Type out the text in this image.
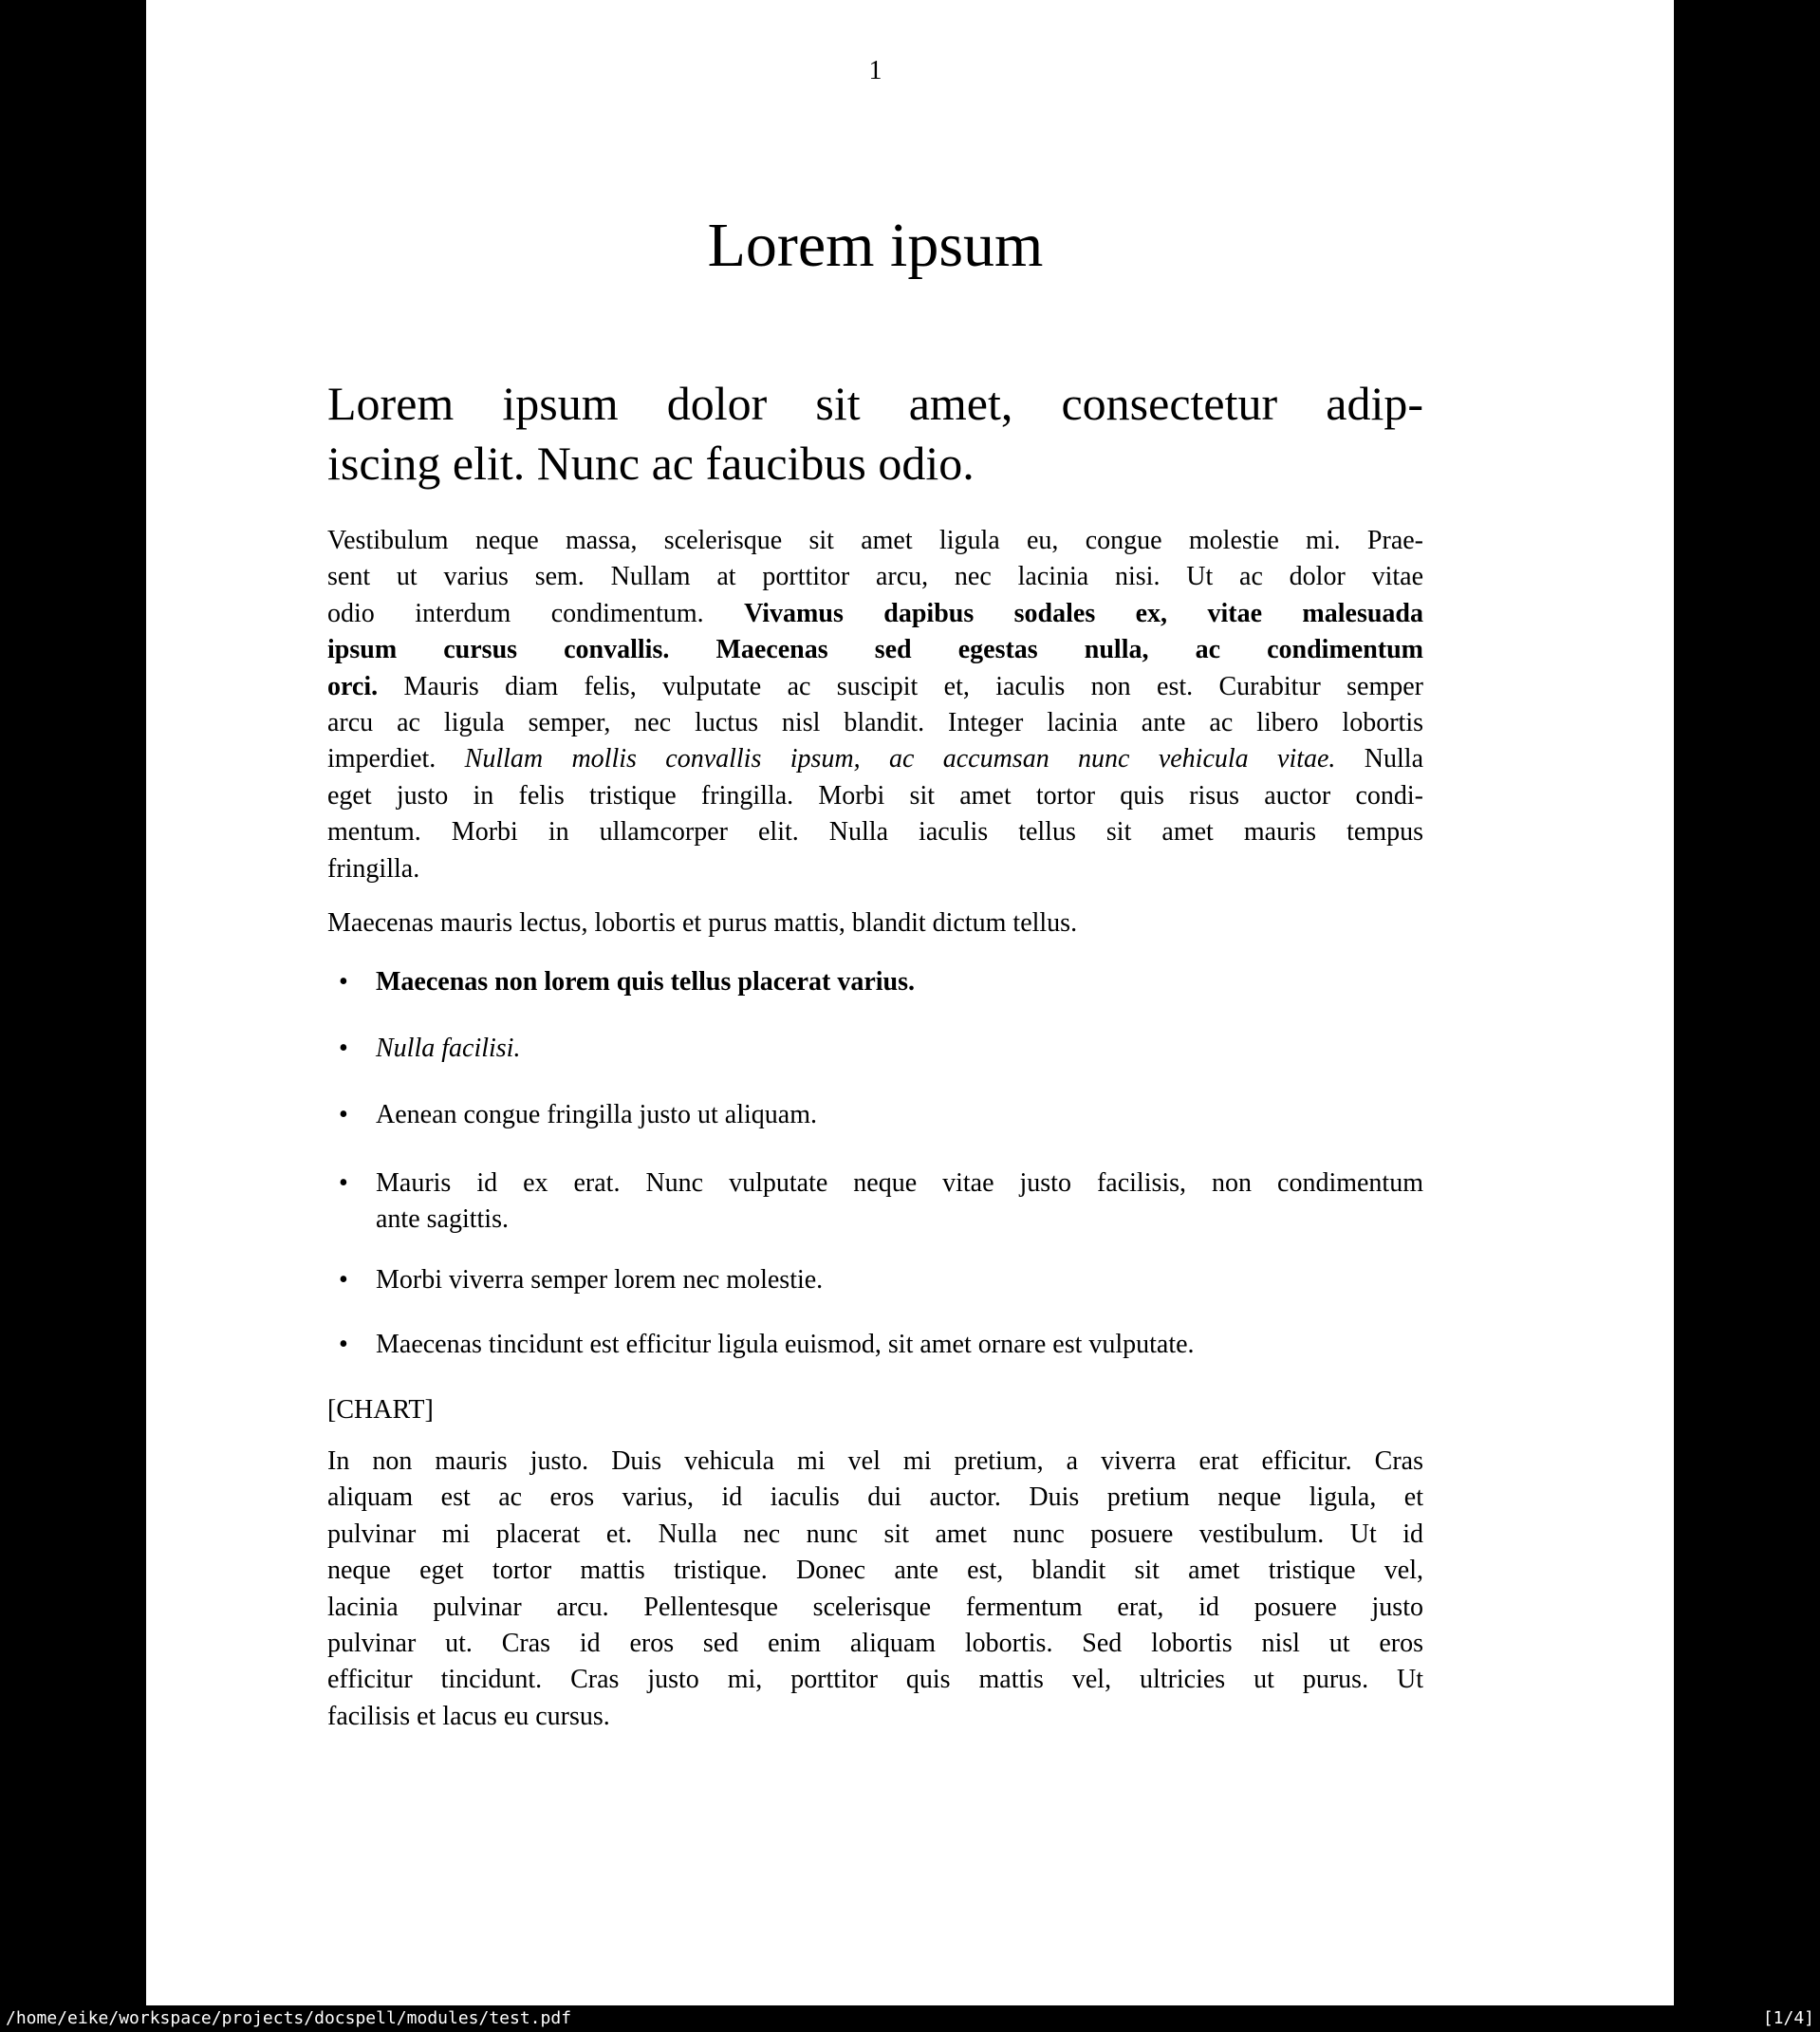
1
Lorem ipsum
Lorem ipsum dolor sit amet, consectetur adip-
iscing elit. Nunc ac faucibus odio.
Vestibulum neque massa, scelerisque sit amet ligula eu, congue molestie mi. Prae-
sent ut varius sem. Nullam at porttitor arcu, nec lacinia nisi. Ut ac dolor vitae
odio interdum condimentum. Vivamus dapibus sodales ex, vitae malesuada
ipsum cursus convallis. Maecenas sed egestas nulla, ac condimentum
orci. Mauris diam felis, vulputate ac suscipit et, iaculis non est. Curabitur semper
arcu ac ligula semper, nec luctus nisl blandit. Integer lacinia ante ac libero lobortis
imperdiet. Nullam mollis convallis ipsum, ac accumsan nunc vehicula vitae. Nulla
eget justo in felis tristique fringilla. Morbi sit amet tortor quis risus auctor condi-
mentum. Morbi in ullamcorper elit. Nulla iaculis tellus sit amet mauris tempus
fringilla.
Maecenas mauris lectus, lobortis et purus mattis, blandit dictum tellus.
• Maecenas non lorem quis tellus placerat varius.
• Nulla facilisi.
• Aenean congue fringilla justo ut aliquam.
• Mauris id ex erat. Nunc vulputate neque vitae justo facilisis, non condimentum
ante sagittis.
• Morbi viverra semper lorem nec molestie.
• Maecenas tincidunt est efficitur ligula euismod, sit amet ornare est vulputate.
[CHART]
In non mauris justo. Duis vehicula mi vel mi pretium, a viverra erat efficitur. Cras
aliquam est ac eros varius, id iaculis dui auctor. Duis pretium neque ligula, et
pulvinar mi placerat et. Nulla nec nunc sit amet nunc posuere vestibulum. Ut id
neque eget tortor mattis tristique. Donec ante est, blandit sit amet tristique vel,
lacinia pulvinar arcu. Pellentesque scelerisque fermentum erat, id posuere justo
pulvinar ut. Cras id eros sed enim aliquam lobortis. Sed lobortis nisl ut eros
efficitur tincidunt. Cras justo mi, porttitor quis mattis vel, ultricies ut purus. Ut
facilisis et lacus eu cursus.
/home/eike/workspace/projects/docspell/modules/test.pdf	[1/4]
